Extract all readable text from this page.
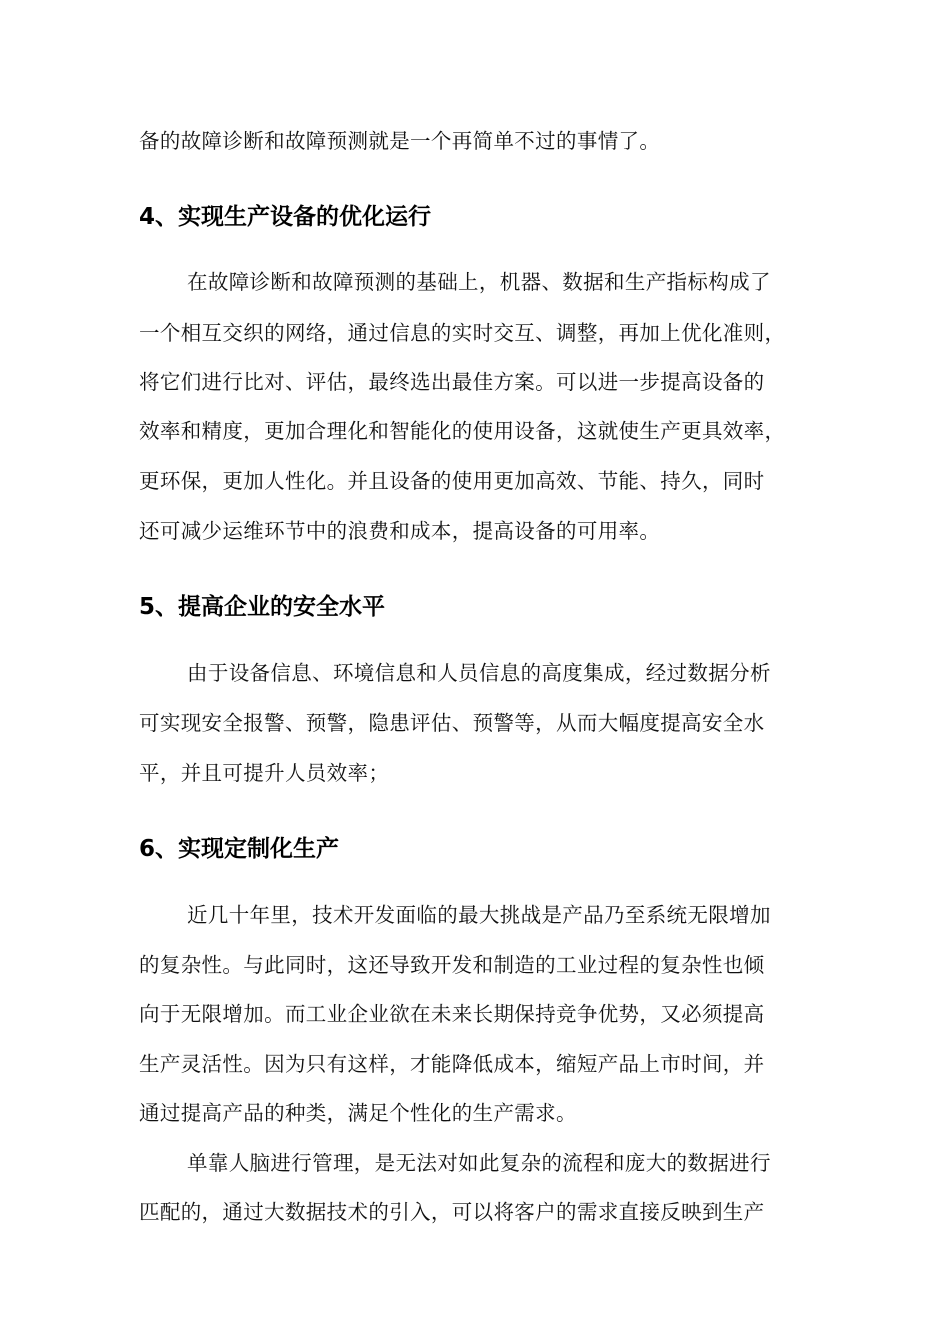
备的故障诊断和故障预测就是一个再简单不过的事情了。
4、实现生产设备的优化运行
在故障诊断和故障预测的基础上，机器、数据和生产指标构成了
一个相互交织的网络，通过信息的实时交互、调整，再加上优化准则，
将它们进行比对、评估，最终选出最佳方案。可以进一步提高设备的
效率和精度，更加合理化和智能化的使用设备，这就使生产更具效率，
更环保，更加人性化。并且设备的使用更加高效、节能、持久，同时
还可减少运维环节中的浪费和成本，提高设备的可用率。
5、提高企业的安全水平
由于设备信息、环境信息和人员信息的高度集成，经过数据分析
可实现安全报警、预警，隐患评估、预警等，从而大幅度提高安全水
平，并且可提升人员效率；
6、实现定制化生产
近几十年里，技术开发面临的最大挑战是产品乃至系统无限增加
的复杂性。与此同时，这还导致开发和制造的工业过程的复杂性也倾
向于无限增加。而工业企业欲在未来长期保持竞争优势，又必须提高
生产灵活性。因为只有这样，才能降低成本，缩短产品上市时间，并
通过提高产品的种类，满足个性化的生产需求。
单靠人脑进行管理，是无法对如此复杂的流程和庞大的数据进行
匹配的，通过大数据技术的引入，可以将客户的需求直接反映到生产
